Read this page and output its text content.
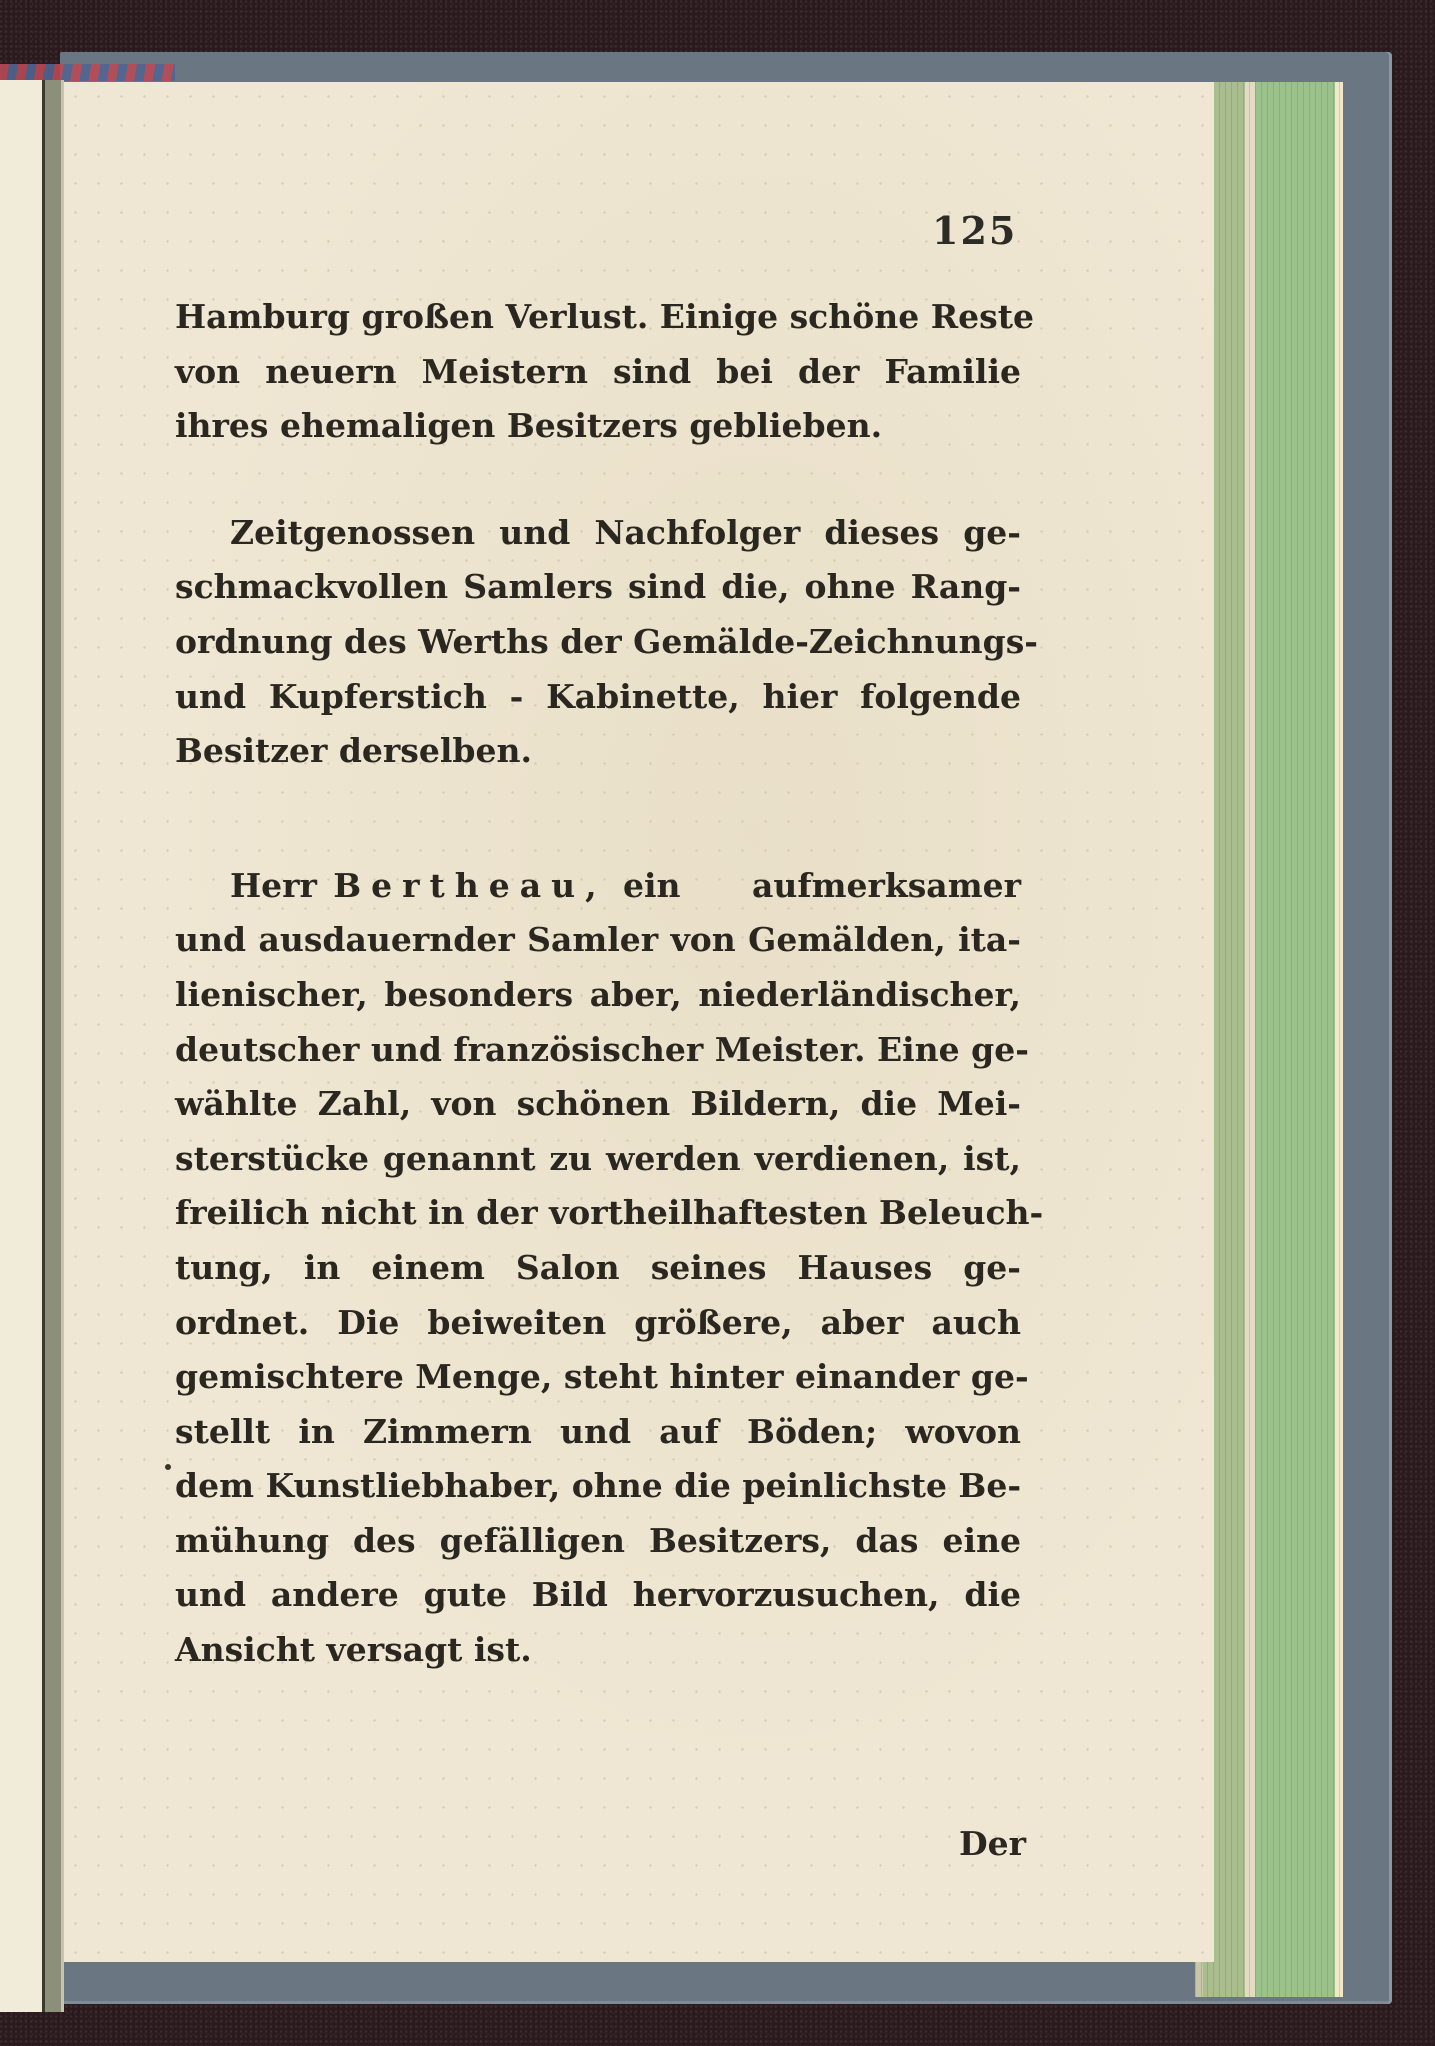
125
Hamburg großen Verlust. Einige schöne Reste
von neuern Meistern sind bei der Familie
ihres ehemaligen Besitzers geblieben.
Zeitgenossen und Nachfolger dieses ge-
schmackvollen Samlers sind die, ohne Rang-
ordnung des Werths der Gemälde-Zeichnungs-
und Kupferstich - Kabinette, hier folgende
Besitzer derselben.
Herr Bertheau, ein aufmerksamer
und ausdauernder Samler von Gemälden, ita-
lienischer, besonders aber, niederländischer,
deutscher und französischer Meister. Eine ge-
wählte Zahl, von schönen Bildern, die Mei-
sterstücke genannt zu werden verdienen, ist,
freilich nicht in der vortheilhaftesten Beleuch-
tung, in einem Salon seines Hauses ge-
ordnet. Die beiweiten größere, aber auch
gemischtere Menge, steht hinter einander ge-
stellt in Zimmern und auf Böden; wovon
dem Kunstliebhaber, ohne die peinlichste Be-
mühung des gefälligen Besitzers, das eine
und andere gute Bild hervorzusuchen, die
Ansicht versagt ist.
Der
